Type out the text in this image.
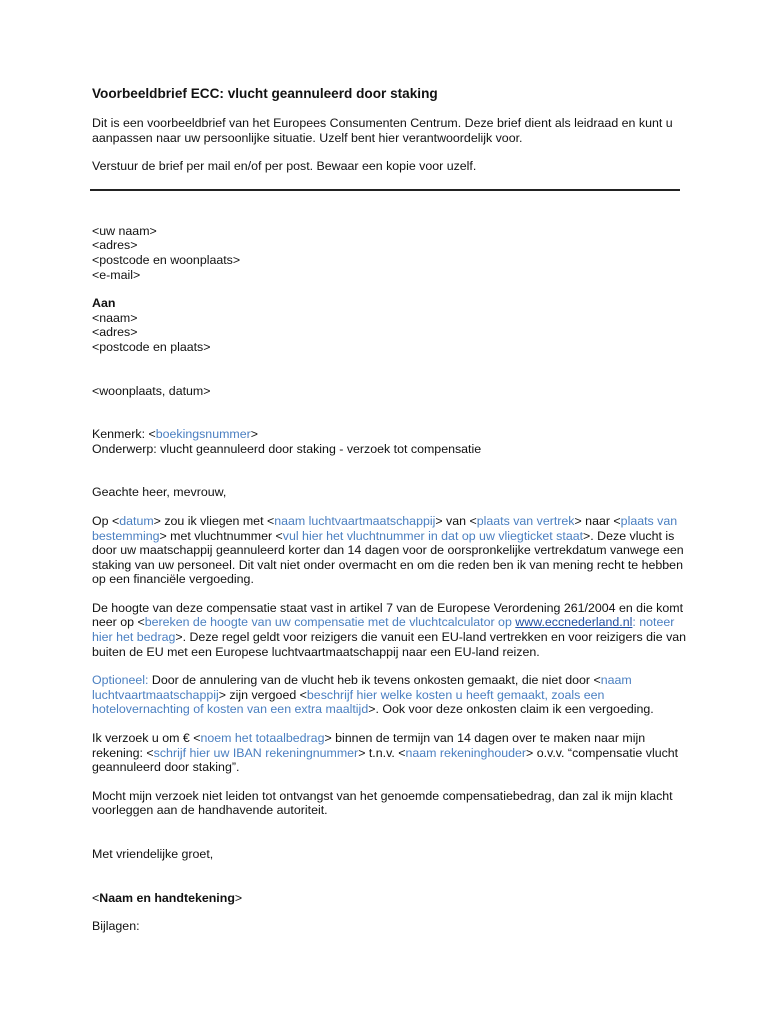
Voorbeeldbrief ECC: vlucht geannuleerd door staking

Dit is een voorbeeldbrief van het Europees Consumenten Centrum. Deze brief dient als leidraad en kunt u aanpassen naar uw persoonlijke situatie. Uzelf bent hier verantwoordelijk voor.

Verstuur de brief per mail en/of per post. Bewaar een kopie voor uzelf.

<uw naam>

<adres>

<postcode en woonplaats>

<e-mail>

Aan

<naam>

<adres>

<postcode en plaats>

<woonplaats, datum>

Kenmerk: <boekingsnummer>

Onderwerp: vlucht geannuleerd door staking - verzoek tot compensatie

Geachte heer, mevrouw,

Op <datum> zou ik vliegen met <naam luchtvaartmaatschappij> van <plaats van vertrek> naar <plaats van bestemming> met vluchtnummer <vul hier het vluchtnummer in dat op uw vliegticket staat>. Deze vlucht is door uw maatschappij geannuleerd korter dan 14 dagen voor de oorspronkelijke vertrekdatum vanwege een staking van uw personeel. Dit valt niet onder overmacht en om die reden ben ik van mening recht te hebben op een financiële vergoeding.

De hoogte van deze compensatie staat vast in artikel 7 van de Europese Verordening 261/2004 en die komt neer op <bereken de hoogte van uw compensatie met de vluchtcalculator op www.eccnederland.nl: noteer hier het bedrag>. Deze regel geldt voor reizigers die vanuit een EU-land vertrekken en voor reizigers die van buiten de EU met een Europese luchtvaartmaatschappij naar een EU-land reizen.

Optioneel: Door de annulering van de vlucht heb ik tevens onkosten gemaakt, die niet door <naam luchtvaartmaatschappij> zijn vergoed <beschrijf hier welke kosten u heeft gemaakt, zoals een hotelovernachting of kosten van een extra maaltijd>. Ook voor deze onkosten claim ik een vergoeding.

Ik verzoek u om € <noem het totaalbedrag> binnen de termijn van 14 dagen over te maken naar mijn rekening: <schrijf hier uw IBAN rekeningnummer> t.n.v. <naam rekeninghouder> o.v.v. “compensatie vlucht geannuleerd door staking”.

Mocht mijn verzoek niet leiden tot ontvangst van het genoemde compensatiebedrag, dan zal ik mijn klacht voorleggen aan de handhavende autoriteit.

Met vriendelijke groet,

<Naam en handtekening>

Bijlagen:
